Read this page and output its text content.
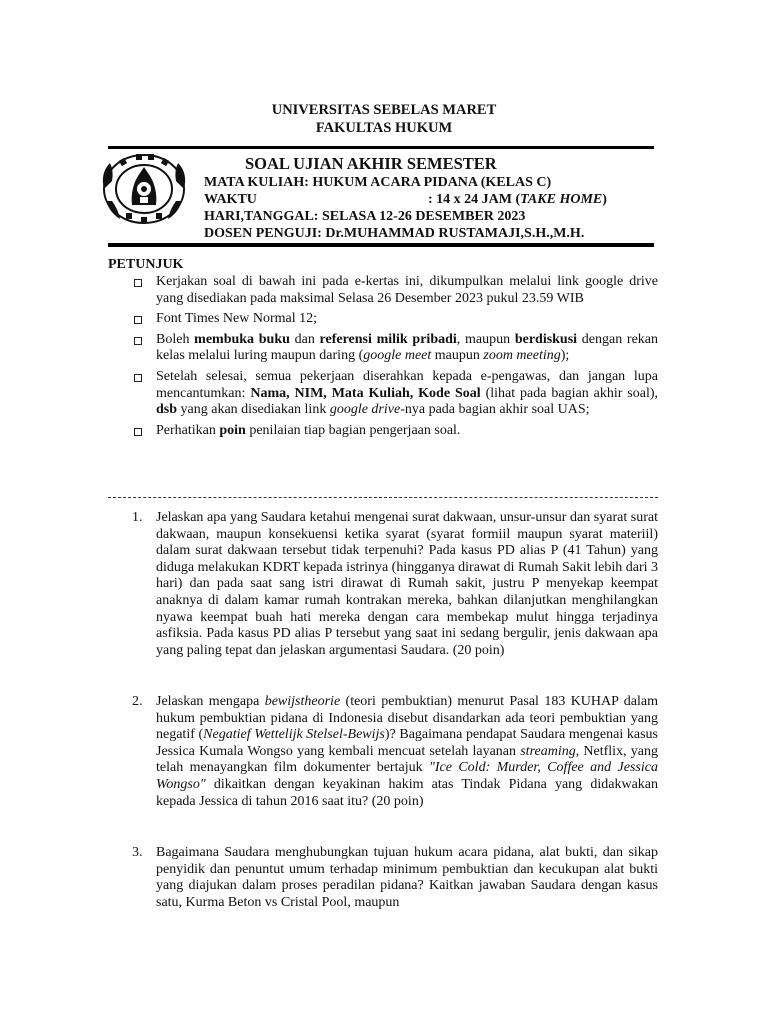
UNIVERSITAS SEBELAS MARET
FAKULTAS HUKUM
SOAL UJIAN AKHIR SEMESTER
MATA KULIAH: HUKUM ACARA PIDANA (KELAS C)
WAKTU	: 14 x 24 JAM (TAKE HOME)
HARI,TANGGAL: SELASA 12-26 DESEMBER 2023
DOSEN PENGUJI: Dr.MUHAMMAD RUSTAMAJI,S.H.,M.H.
PETUNJUK
Kerjakan soal di bawah ini pada e-kertas ini, dikumpulkan melalui link google drive yang disediakan pada maksimal Selasa 26 Desember 2023 pukul 23.59 WIB
Font Times New Normal 12;
Boleh membuka buku dan referensi milik pribadi, maupun berdiskusi dengan rekan kelas melalui luring maupun daring (google meet maupun zoom meeting);
Setelah selesai, semua pekerjaan diserahkan kepada e-pengawas, dan jangan lupa mencantumkan: Nama, NIM, Mata Kuliah, Kode Soal (lihat pada bagian akhir soal), dsb yang akan disediakan link google drive-nya pada bagian akhir soal UAS;
Perhatikan poin penilaian tiap bagian pengerjaan soal.
1. Jelaskan apa yang Saudara ketahui mengenai surat dakwaan, unsur-unsur dan syarat surat dakwaan, maupun konsekuensi ketika syarat (syarat formiil maupun syarat materiil) dalam surat dakwaan tersebut tidak terpenuhi? Pada kasus PD alias P (41 Tahun) yang diduga melakukan KDRT kepada istrinya (hingganya dirawat di Rumah Sakit lebih dari 3 hari) dan pada saat sang istri dirawat di Rumah sakit, justru P menyekap keempat anaknya di dalam kamar rumah kontrakan mereka, bahkan dilanjutkan menghilangkan nyawa keempat buah hati mereka dengan cara membekap mulut hingga terjadinya asfiksia. Pada kasus PD alias P tersebut yang saat ini sedang bergulir, jenis dakwaan apa yang paling tepat dan jelaskan argumentasi Saudara. (20 poin)
2. Jelaskan mengapa bewijstheorie (teori pembuktian) menurut Pasal 183 KUHAP dalam hukum pembuktian pidana di Indonesia disebut disandarkan ada teori pembuktian yang negatif (Negatief Wettelijk Stelsel-Bewijs)? Bagaimana pendapat Saudara mengenai kasus Jessica Kumala Wongso yang kembali mencuat setelah layanan streaming, Netflix, yang telah menayangkan film dokumenter bertajuk "Ice Cold: Murder, Coffee and Jessica Wongso" dikaitkan dengan keyakinan hakim atas Tindak Pidana yang didakwakan kepada Jessica di tahun 2016 saat itu? (20 poin)
3. Bagaimana Saudara menghubungkan tujuan hukum acara pidana, alat bukti, dan sikap penyidik dan penuntut umum terhadap minimum pembuktian dan kecukupan alat bukti yang diajukan dalam proses peradilan pidana? Kaitkan jawaban Saudara dengan kasus satu, Kurma Beton vs Cristal Pool, maupun
